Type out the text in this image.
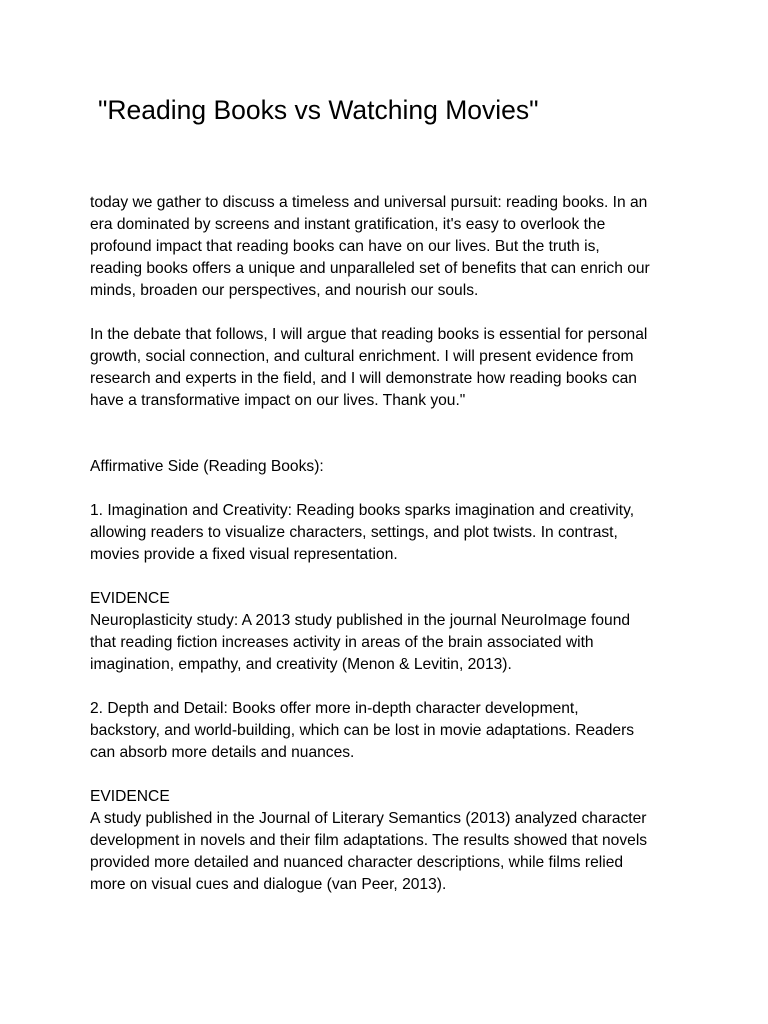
"Reading Books vs Watching Movies"

today we gather to discuss a timeless and universal pursuit: reading books. In an

era dominated by screens and instant gratification, it's easy to overlook the

profound impact that reading books can have on our lives. But the truth is,

reading books offers a unique and unparalleled set of benefits that can enrich our

minds, broaden our perspectives, and nourish our souls.

In the debate that follows, I will argue that reading books is essential for personal

growth, social connection, and cultural enrichment. I will present evidence from

research and experts in the field, and I will demonstrate how reading books can

have a transformative impact on our lives. Thank you."

Affirmative Side (Reading Books):

1. Imagination and Creativity: Reading books sparks imagination and creativity,

allowing readers to visualize characters, settings, and plot twists. In contrast,

movies provide a fixed visual representation.

EVIDENCE

Neuroplasticity study: A 2013 study published in the journal NeuroImage found

that reading fiction increases activity in areas of the brain associated with

imagination, empathy, and creativity (Menon & Levitin, 2013).

2. Depth and Detail: Books offer more in-depth character development,

backstory, and world-building, which can be lost in movie adaptations. Readers

can absorb more details and nuances.

EVIDENCE

A study published in the Journal of Literary Semantics (2013) analyzed character

development in novels and their film adaptations. The results showed that novels

provided more detailed and nuanced character descriptions, while films relied

more on visual cues and dialogue (van Peer, 2013).
